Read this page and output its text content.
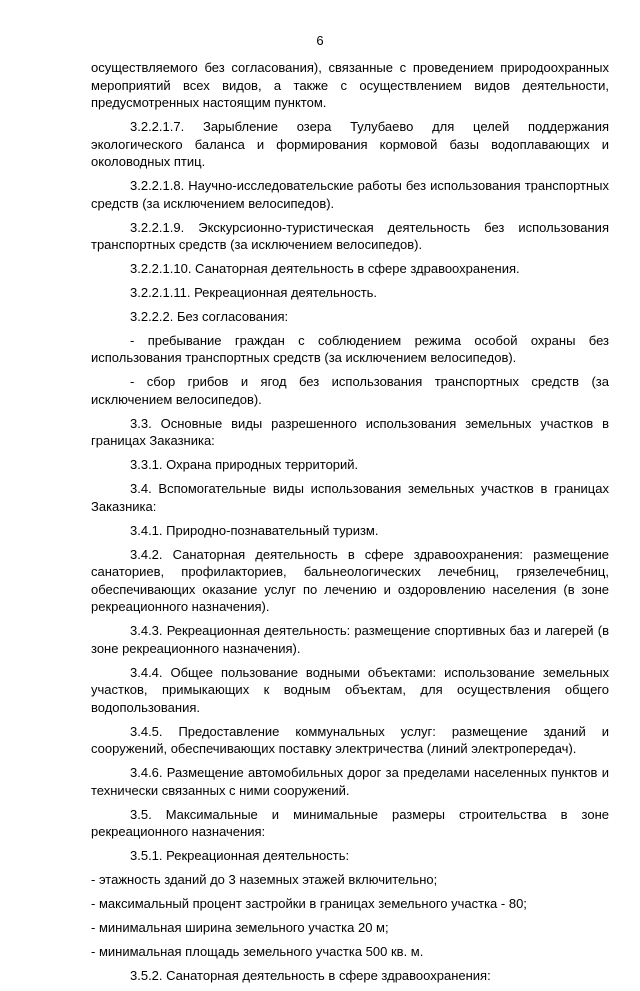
6

осуществляемого без согласования), связанные с проведением природоохранных мероприятий всех видов, а также с осуществлением видов деятельности, предусмотренных настоящим пунктом.

3.2.2.1.7. Зарыбление озера Тулубаево для целей поддержания экологического баланса и формирования кормовой базы водоплавающих и околоводных птиц.

3.2.2.1.8. Научно-исследовательские работы без использования транспортных средств (за исключением велосипедов).

3.2.2.1.9. Экскурсионно-туристическая деятельность без использования транспортных средств (за исключением велосипедов).

3.2.2.1.10. Санаторная деятельность в сфере здравоохранения.

3.2.2.1.11. Рекреационная деятельность.

3.2.2.2. Без согласования:

- пребывание граждан с соблюдением режима особой охраны без использования транспортных средств (за исключением велосипедов).

- сбор грибов и ягод без использования транспортных средств (за исключением велосипедов).

3.3. Основные виды разрешенного использования земельных участков в границах Заказника:

3.3.1. Охрана природных территорий.

3.4. Вспомогательные виды использования земельных участков в границах Заказника:

3.4.1. Природно-познавательный туризм.

3.4.2. Санаторная деятельность в сфере здравоохранения: размещение санаториев, профилакториев, бальнеологических лечебниц, грязелечебниц, обеспечивающих оказание услуг по лечению и оздоровлению населения (в зоне рекреационного назначения).

3.4.3. Рекреационная деятельность: размещение спортивных баз и лагерей (в зоне рекреационного назначения).

3.4.4. Общее пользование водными объектами: использование земельных участков, примыкающих к водным объектам, для осуществления общего водопользования.

3.4.5. Предоставление коммунальных услуг: размещение зданий и сооружений, обеспечивающих поставку электричества (линий электропередач).

3.4.6. Размещение автомобильных дорог за пределами населенных пунктов и технически связанных с ними сооружений.

3.5. Максимальные и минимальные размеры строительства в зоне рекреационного назначения:

3.5.1. Рекреационная деятельность:

- этажность зданий до 3 наземных этажей включительно;

- максимальный процент застройки в границах земельного участка - 80;

- минимальная ширина земельного участка 20 м;

- минимальная площадь земельного участка 500 кв. м.

3.5.2. Санаторная деятельность в сфере здравоохранения:
